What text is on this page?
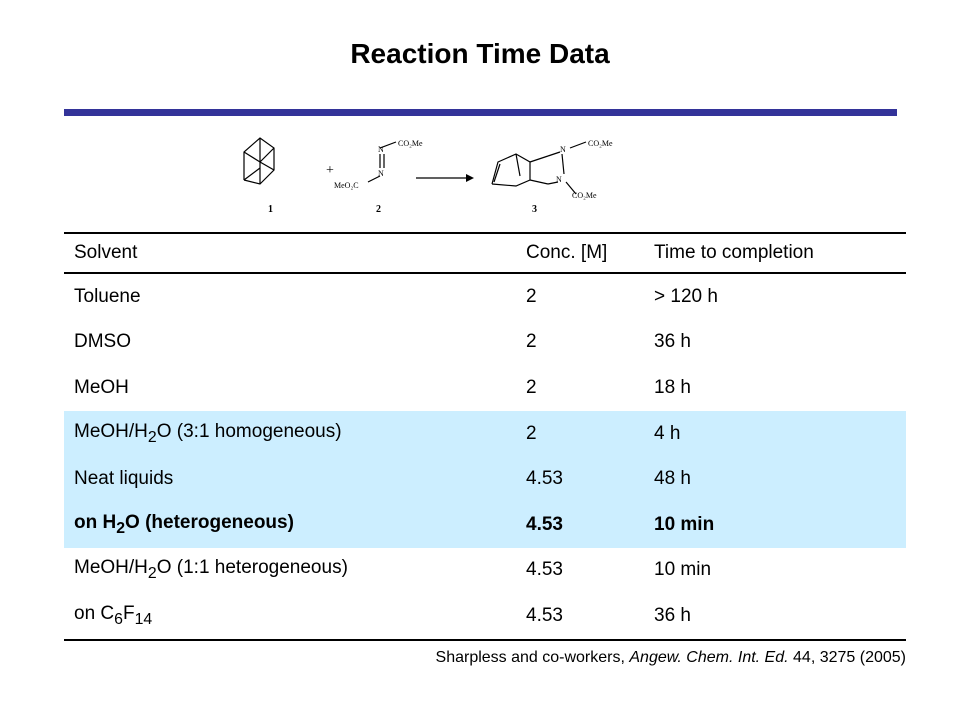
Reaction Time Data
1
+
N
N
CO₂Me
MeO₂C
2
N
N
CO₂Me
CO₂Me
3
Solvent	Conc. [M]	Time to completion
Toluene	2	> 120 h
DMSO	2	36 h
MeOH	2	18 h
MeOH/$H_2O$ (3:1 homogeneous)	2	4 h
Neat liquids	4.53	48 h
on $H_2O$ (heterogeneous)	4.53	10 min
MeOH/$H_2O$ (1:1 heterogeneous)	4.53	10 min
on $C_6F_{14}$	4.53	36 h
Sharpless and co-workers, Angew. Chem. Int. Ed. 44, 3275 (2005)
